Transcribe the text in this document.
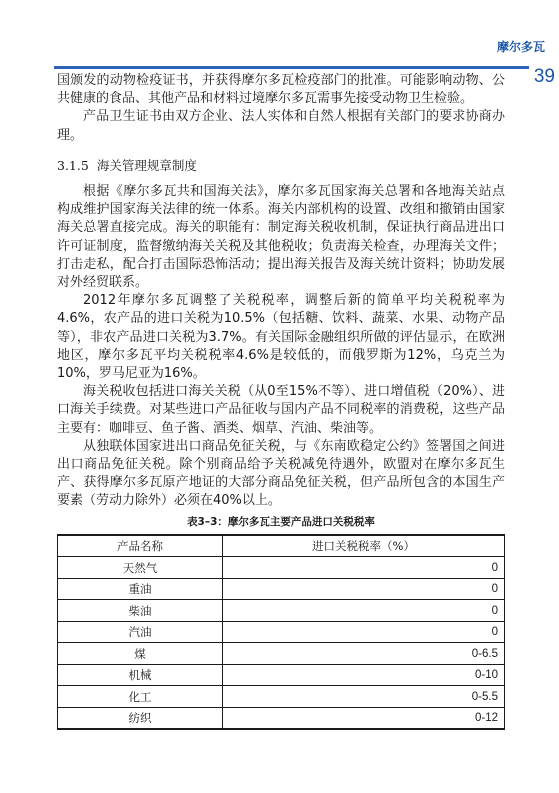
摩尔多瓦
39

国颁发的动物检疫证书，并获得摩尔多瓦检疫部门的批准。可能影响动物、公共健康的食品、其他产品和材料过境摩尔多瓦需事先接受动物卫生检验。

产品卫生证书由双方企业、法人实体和自然人根据有关部门的要求协商办理。

3.1.5 海关管理规章制度

根据《摩尔多瓦共和国海关法》，摩尔多瓦国家海关总署和各地海关站点构成维护国家海关法律的统一体系。海关内部机构的设置、改组和撤销由国家海关总署直接完成。海关的职能有：制定海关税收机制，保证执行商品进出口许可证制度，监督缴纳海关关税及其他税收；负责海关检查，办理海关文件；打击走私，配合打击国际恐怖活动；提出海关报告及海关统计资料；协助发展对外经贸联系。

2012年摩尔多瓦调整了关税税率，调整后新的简单平均关税税率为4.6%，农产品的进口关税为10.5%（包括糖、饮料、蔬菜、水果、动物产品等），非农产品进口关税为3.7%。有关国际金融组织所做的评估显示，在欧洲地区，摩尔多瓦平均关税税率4.6%是较低的，而俄罗斯为12%，乌克兰为10%，罗马尼亚为16%。

海关税收包括进口海关关税（从0至15%不等）、进口增值税（20%）、进口海关手续费。对某些进口产品征收与国内产品不同税率的消费税，这些产品主要有：咖啡豆、鱼子酱、酒类、烟草、汽油、柴油等。

从独联体国家进出口商品免征关税，与《东南欧稳定公约》签署国之间进出口商品免征关税。除个别商品给予关税减免待遇外，欧盟对在摩尔多瓦生产、获得摩尔多瓦原产地证的大部分商品免征关税，但产品所包含的本国生产要素（劳动力除外）必须在40%以上。

表3–3：摩尔多瓦主要产品进口关税税率
产品名称	进口关税税率（%）
天然气	0
重油	0
柴油	0
汽油	0
煤	0-6.5
机械	0-10
化工	0-5.5
纺织	0-12
